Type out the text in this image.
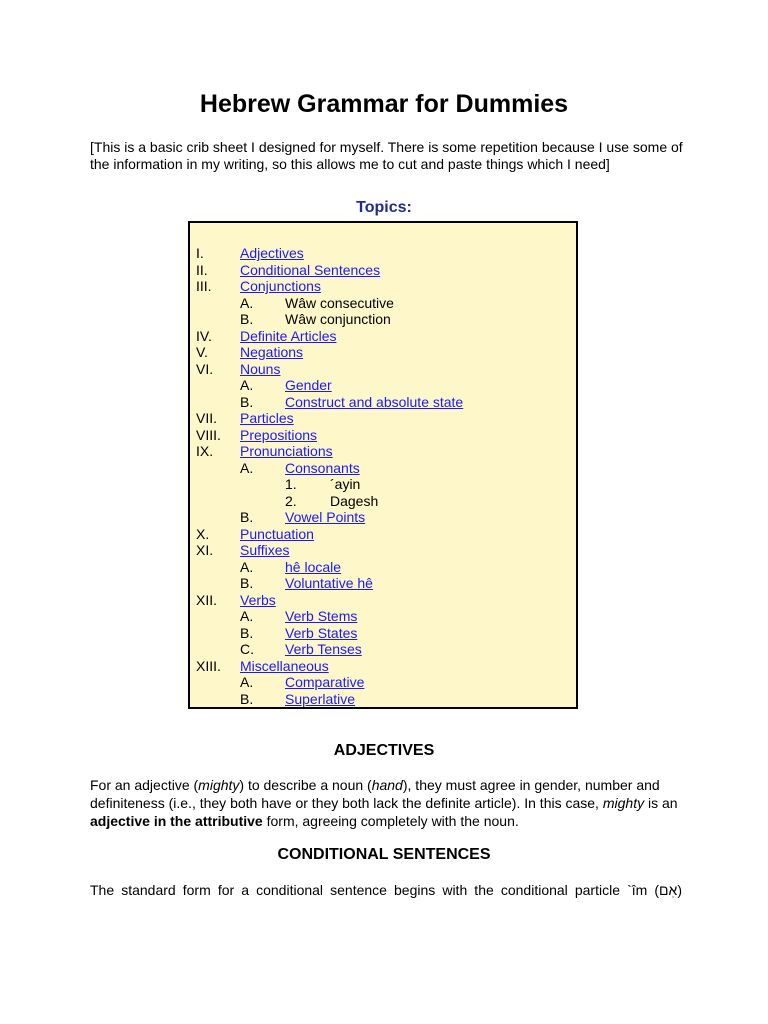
Hebrew Grammar for Dummies
[This is a basic crib sheet I designed for myself. There is some repetition because I use some of the information in my writing, so this allows me to cut and paste things which I need]
Topics:
I.	Adjectives
II. Conditional Sentences
III. Conjunctions
A. Wâw consecutive
B. Wâw conjunction
IV. Definite Articles
V. Negations
VI. Nouns
A. Gender
B. Construct and absolute state
VII. Particles
VIII. Prepositions
IX. Pronunciations
A. Consonants
1. ´ayin
2. Dagesh
B. Vowel Points
X. Punctuation
XI. Suffixes
A. hê locale
B. Voluntative hê
XII. Verbs
A. Verb Stems
B. Verb States
C. Verb Tenses
XIII. Miscellaneous
A. Comparative
B. Superlative
ADJECTIVES
For an adjective (mighty) to describe a noun (hand), they must agree in gender, number and definiteness (i.e., they both have or they both lack the definite article). In this case, mighty is an adjective in the attributive form, agreeing completely with the noun.
CONDITIONAL SENTENCES
The standard form for a conditional sentence begins with the conditional particle `îm (אִם)
